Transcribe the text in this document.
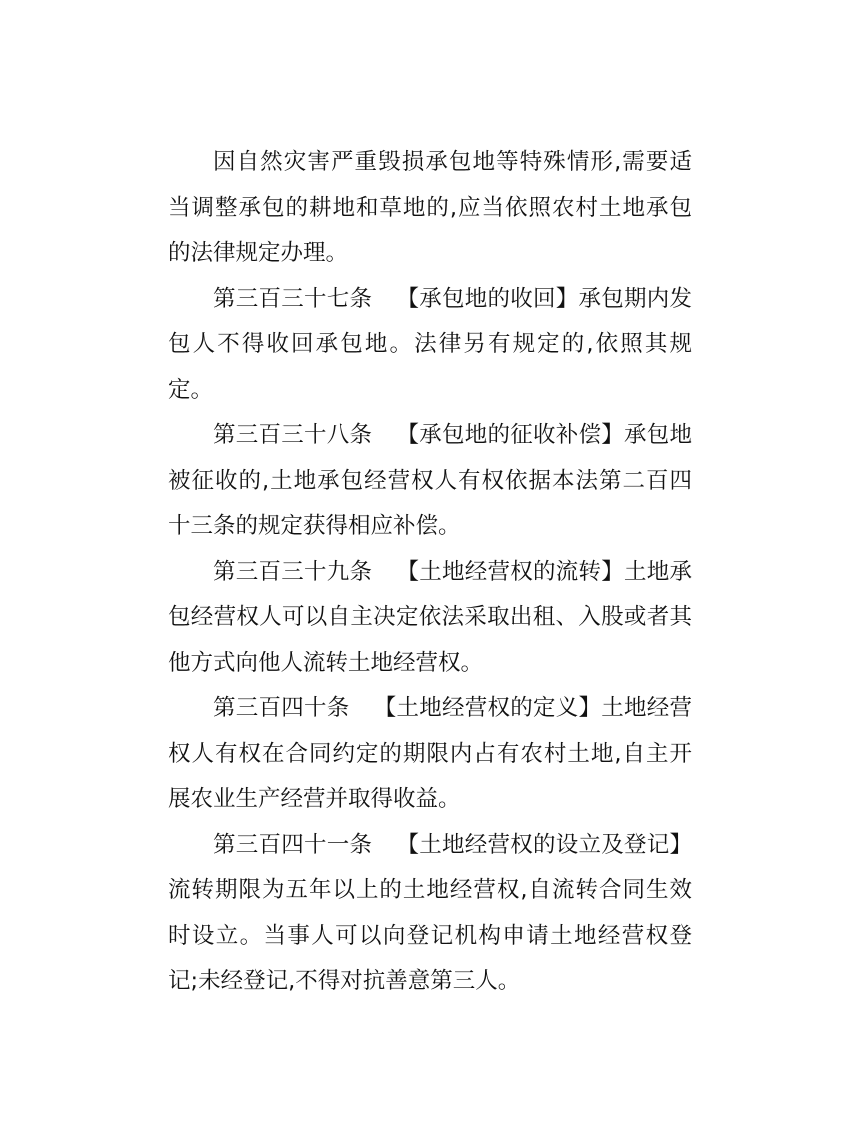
因自然灾害严重毁损承包地等特殊情形,需要适当调整承包的耕地和草地的,应当依照农村土地承包的法律规定办理。

第三百三十七条 【承包地的收回】承包期内发包人不得收回承包地。法律另有规定的,依照其规定。

第三百三十八条 【承包地的征收补偿】承包地被征收的,土地承包经营权人有权依据本法第二百四十三条的规定获得相应补偿。

第三百三十九条 【土地经营权的流转】土地承包经营权人可以自主决定依法采取出租、入股或者其他方式向他人流转土地经营权。

第三百四十条 【土地经营权的定义】土地经营权人有权在合同约定的期限内占有农村土地,自主开展农业生产经营并取得收益。

第三百四十一条 【土地经营权的设立及登记】流转期限为五年以上的土地经营权,自流转合同生效时设立。当事人可以向登记机构申请土地经营权登记;未经登记,不得对抗善意第三人。
